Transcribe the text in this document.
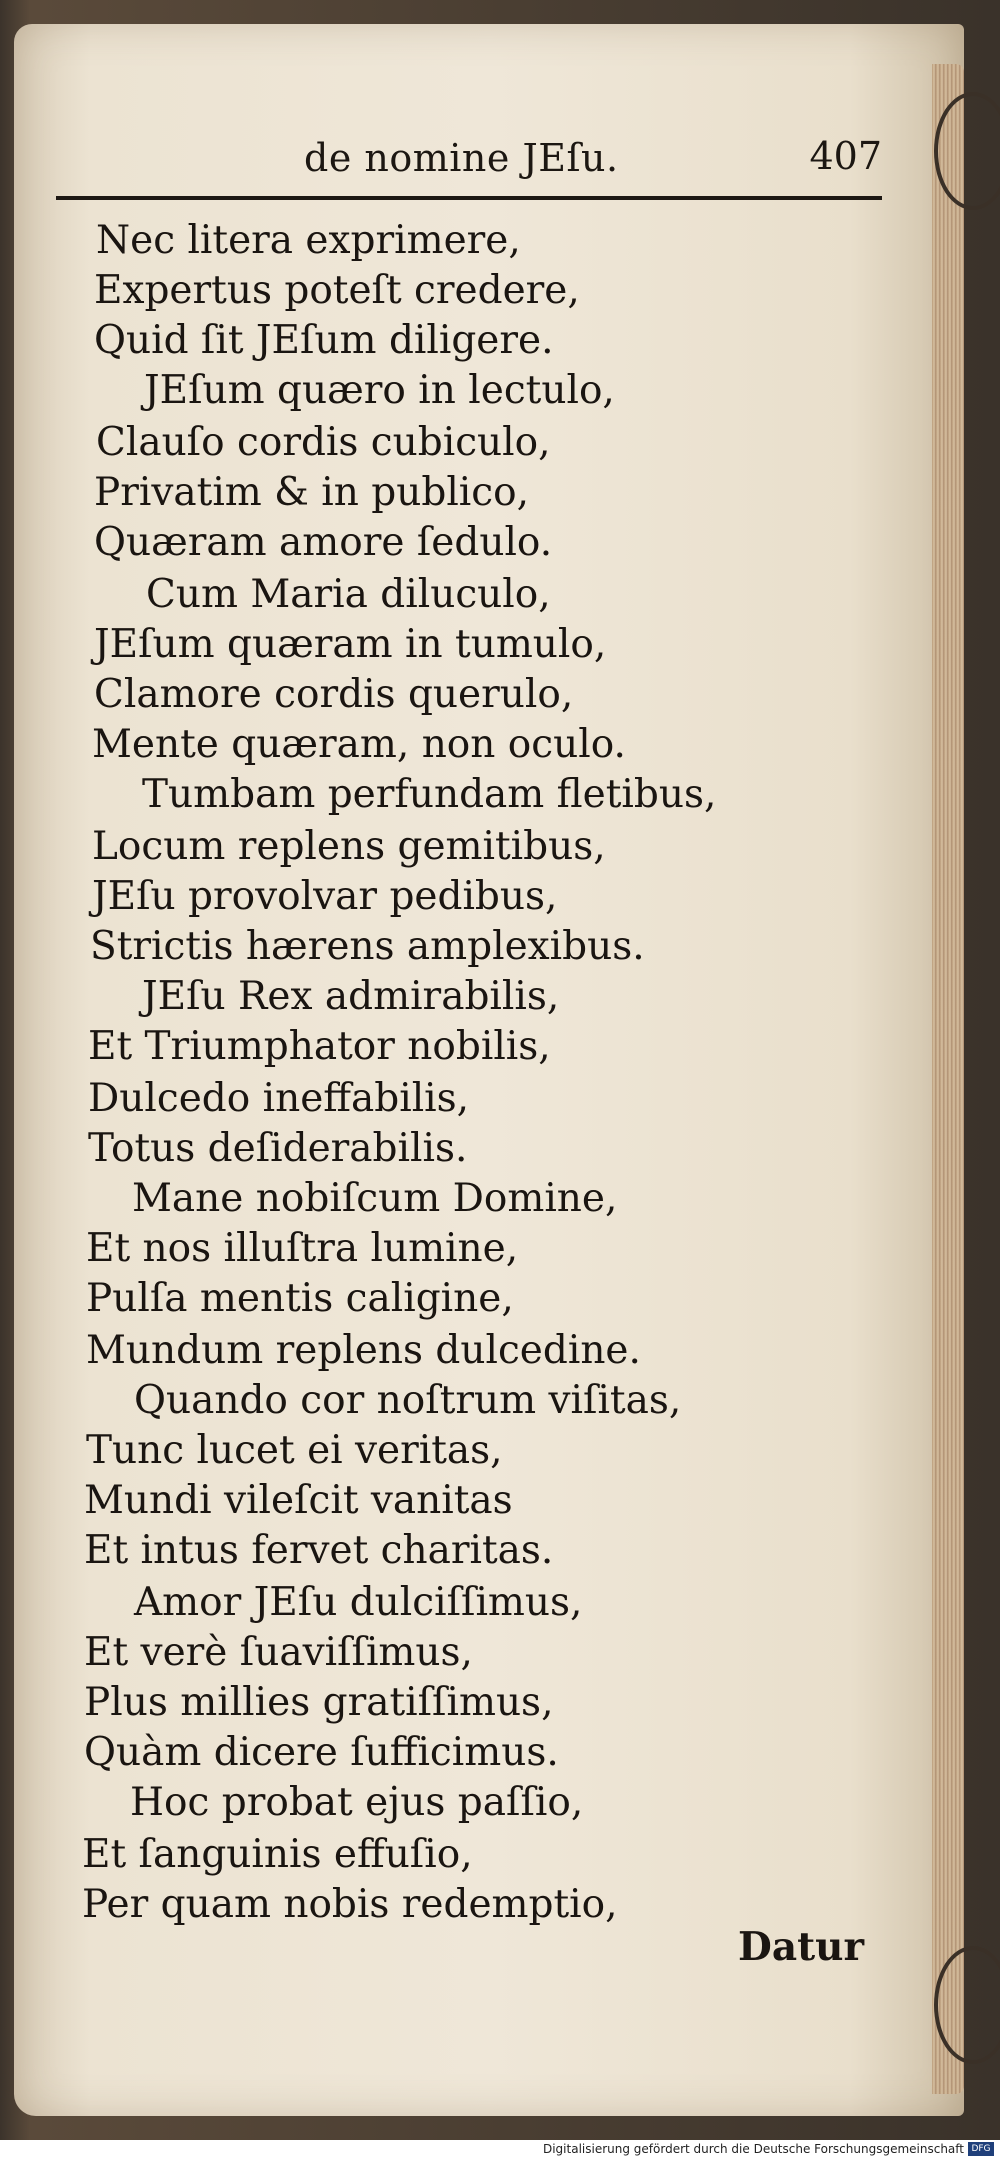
de nomine JEſu.	407
Nec litera exprimere,
Expertus poteſt credere,
Quid ſit JEſum diligere.
JEſum quæro in lectulo,
Clauſo cordis cubiculo,
Privatim & in publico,
Quæram amore ſedulo.
Cum Maria diluculo,
JEſum quæram in tumulo,
Clamore cordis querulo,
Mente quæram, non oculo.
Tumbam perfundam fletibus,
Locum replens gemitibus,
JEſu provolvar pedibus,
Strictis hærens amplexibus.
JEſu Rex admirabilis,
Et Triumphator nobilis,
Dulcedo ineffabilis,
Totus deſiderabilis.
Mane nobiſcum Domine,
Et nos illuſtra lumine,
Pulſa mentis caligine,
Mundum replens dulcedine.
Quando cor noſtrum viſitas,
Tunc lucet ei veritas,
Mundi vileſcit vanitas
Et intus fervet charitas.
Amor JEſu dulciſſimus,
Et verè ſuaviſſimus,
Plus millies gratiſſimus,
Quàm dicere ſufficimus.
Hoc probat ejus paſſio,
Et ſanguinis effuſio,
Per quam nobis redemptio,
Datur
Digitalisierung gefördert durch die Deutsche Forschungsgemeinschaft DFG
